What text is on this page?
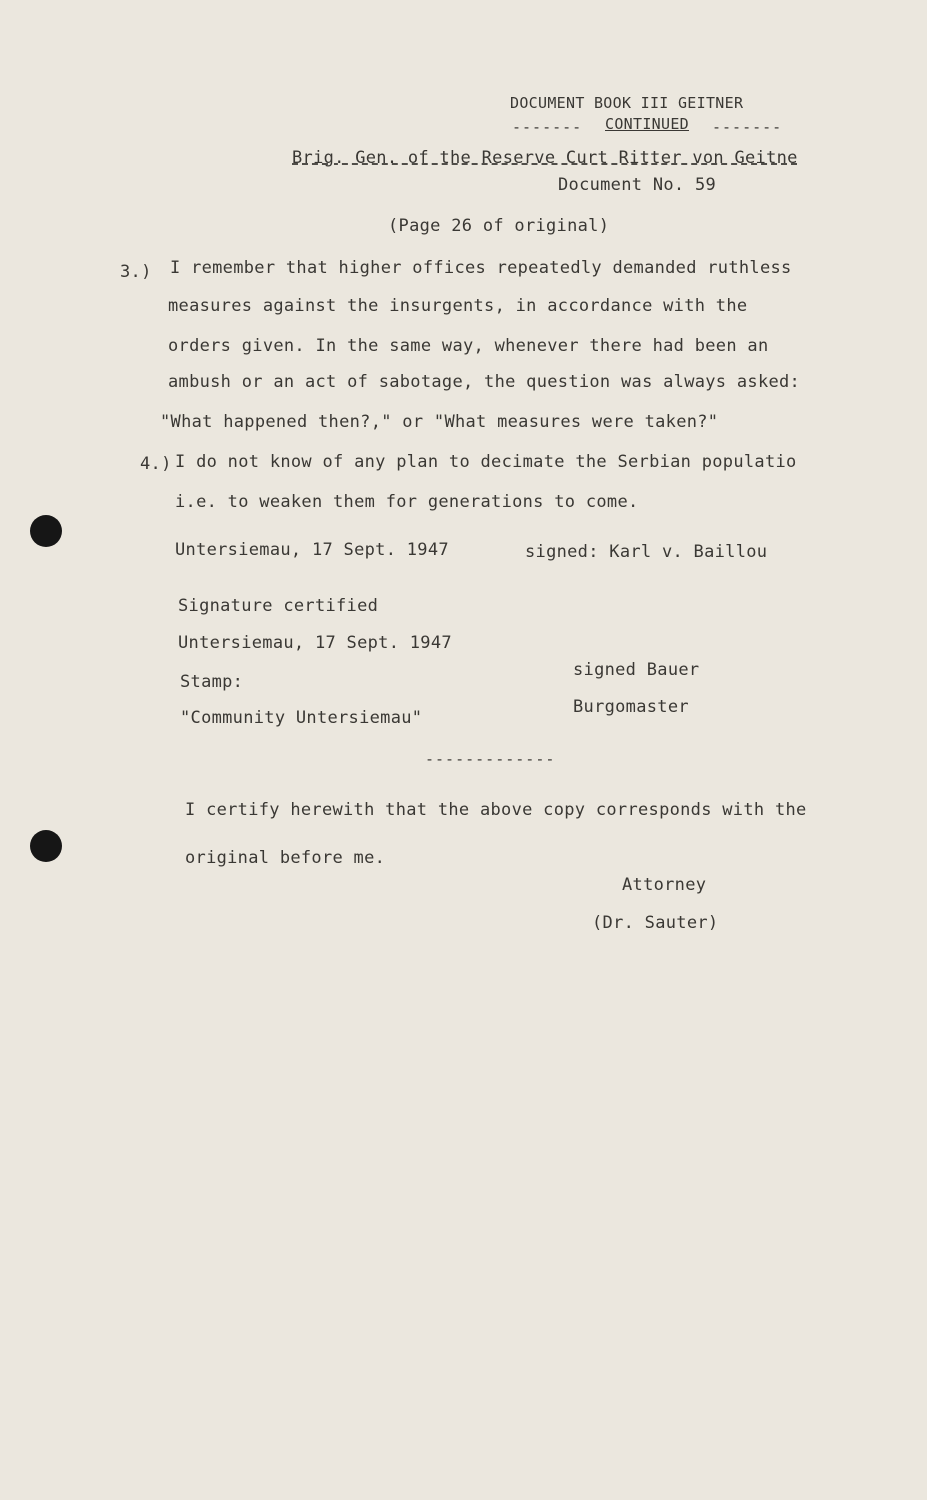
DOCUMENT BOOK III GEITNER
CONTINUED
-------	-------
Brig. Gen. of the Reserve Curt Ritter von Geitne
Document No. 59
(Page 26 of original)
3.) I remember that higher offices repeatedly demanded ruthless
measures against the insurgents, in accordance with the
orders given. In the same way, whenever there had been an
ambush or an act of sabotage, the question was always asked:
"What happened then?," or "What measures were taken?"
4.) I do not know of any plan to decimate the Serbian populatio
i.e. to weaken them for generations to come.
Untersiemau, 17 Sept. 1947	signed: Karl v. Baillou
Signature certified
Untersiemau, 17 Sept. 1947
Stamp:
"Community Untersiemau"
signed Bauer
Burgomaster
-------------
I certify herewith that the above copy corresponds with the
original before me.
Attorney
(Dr. Sauter)
